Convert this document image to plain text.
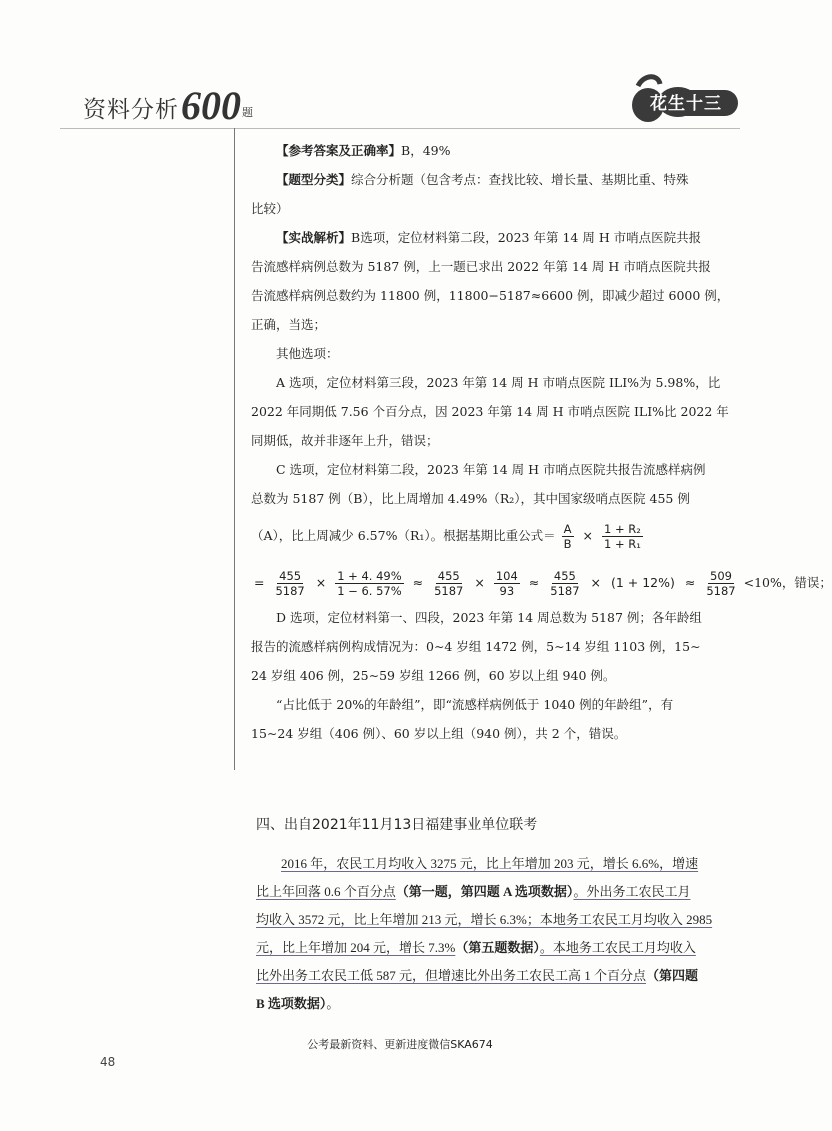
资料分析 600 题	花生十三
【参考答案及正确率】B，49%
【题型分类】综合分析题（包含考点：查找比较、增长量、基期比重、特殊
比较）
【实战解析】B选项，定位材料第二段，2023 年第 14 周 H 市哨点医院共报
告流感样病例总数为 5187 例，上一题已求出 2022 年第 14 周 H 市哨点医院共报
告流感样病例总数约为 11800 例，11800−5187≈6600 例，即减少超过 6000 例，
正确，当选；
其他选项：
A 选项，定位材料第三段，2023 年第 14 周 H 市哨点医院 ILI%为 5.98%，比
2022 年同期低 7.56 个百分点，因 2023 年第 14 周 H 市哨点医院 ILI%比 2022 年
同期低，故并非逐年上升，错误；
C 选项，定位材料第二段，2023 年第 14 周 H 市哨点医院共报告流感样病例
总数为 5187 例（B），比上周增加 4.49%（R₂），其中国家级哨点医院 455 例
（A），比上周减少 6.57%（R₁）。根据基期比重公式＝ $\frac{A}{B} \times \frac{\text{1 + R₂}}{\text{1 + R₁}}$
= $\frac{455}{5187} \times \frac{1 + 4. 49\%}{1 - 6. 57\%} \approx \frac{455}{5187} \times \frac{104}{93} \approx \frac{455}{5187} \times (1 + 12\%) \approx \frac{509}{5187} <10\%$，错误；
D 选项，定位材料第一、四段，2023 年第 14 周总数为 5187 例；各年龄组
报告的流感样病例构成情况为：0∼4 岁组 1472 例，5∼14 岁组 1103 例，15∼
24 岁组 406 例，25∼59 岁组 1266 例，60 岁以上组 940 例。
“占比低于 20%的年龄组”，即“流感样病例低于 1040 例的年龄组”，有
15∼24 岁组（406 例）、60 岁以上组（940 例），共 2 个，错误。
四、出自2021年11月13日福建事业单位联考
2016 年，农民工月均收入 3275 元，比上年增加 203 元，增长 6.6%，增速
比上年回落 0.6 个百分点（第一题，第四题 A 选项数据）。外出务工农民工月
均收入 3572 元，比上年增加 213 元，增长 6.3%；本地务工农民工月均收入 2985
元，比上年增加 204 元，增长 7.3%（第五题数据）。本地务工农民工月均收入
比外出务工农民工低 587 元，但增速比外出务工农民工高 1 个百分点（第四题
B 选项数据）。
公考最新资料、更新进度微信SKA674
48
